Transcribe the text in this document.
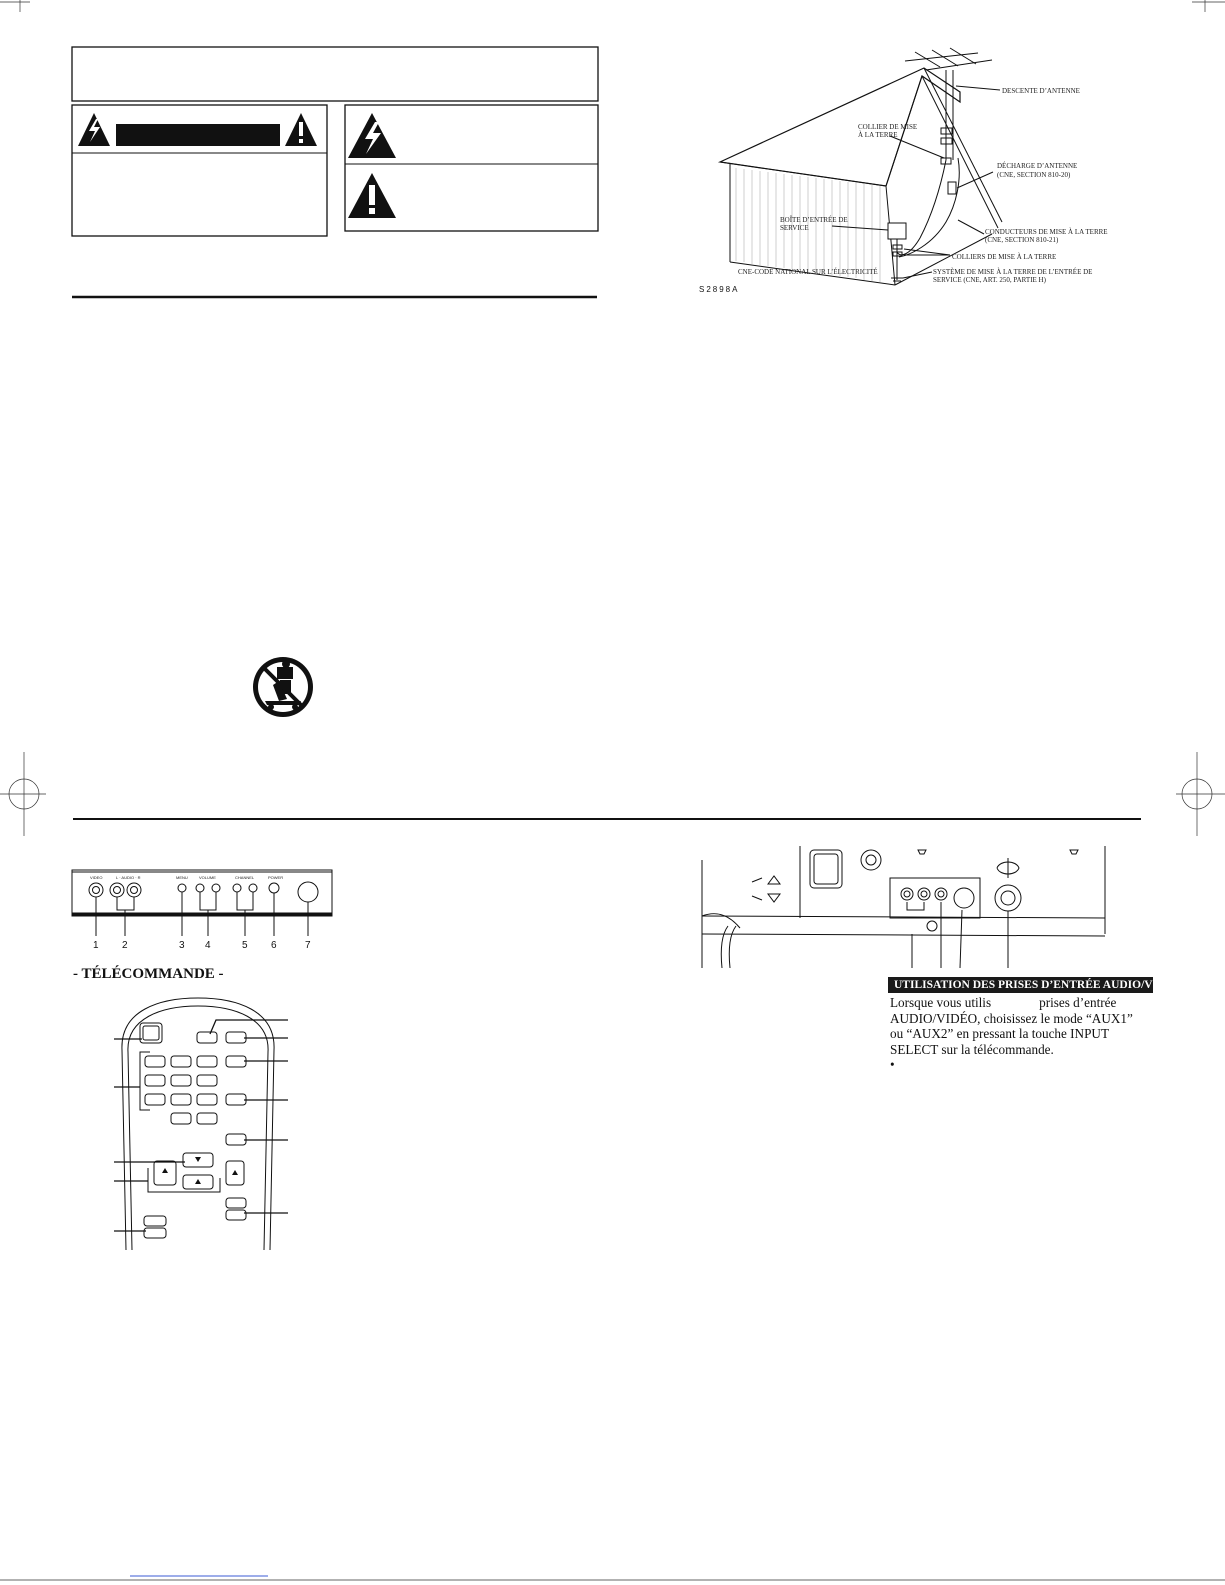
DESCENTE D’ANTENNE
COLLIER DE MISE
À LA TERRE
DÉCHARGE D’ANTENNE
(CNE, SECTION 810-20)
BOÎTE D’ENTRÉE DE
SERVICE	CONDUCTEURS DE MISE À LA TERRE
(CNE, SECTION 810-21)
COLLIERS DE MISE À LA TERRE
CNE-CODE NATIONAL SUR L’ÉLECTRICITÉ	SYSTÈME DE MISE À LA TERRE DE L’ENTRÉE DE
SERVICE (CNE, ART. 250, PARTIE H)
S2898A
VIDEO	L · AUDIO · R	MENU	VOLUME	CHANNEL	POWER
1 2	3 4	5 6	7
- TÉLÉCOMMANDE -
UTILISATION DES PRISES D’ENTRÉE AUDIO/VIDÉO
Lorsque vous utilis	prises d’entrée
AUDIO/VIDÉO, choisissez le mode “AUX1”
ou “AUX2” en pressant la touche INPUT
SELECT sur la télécommande.
•
